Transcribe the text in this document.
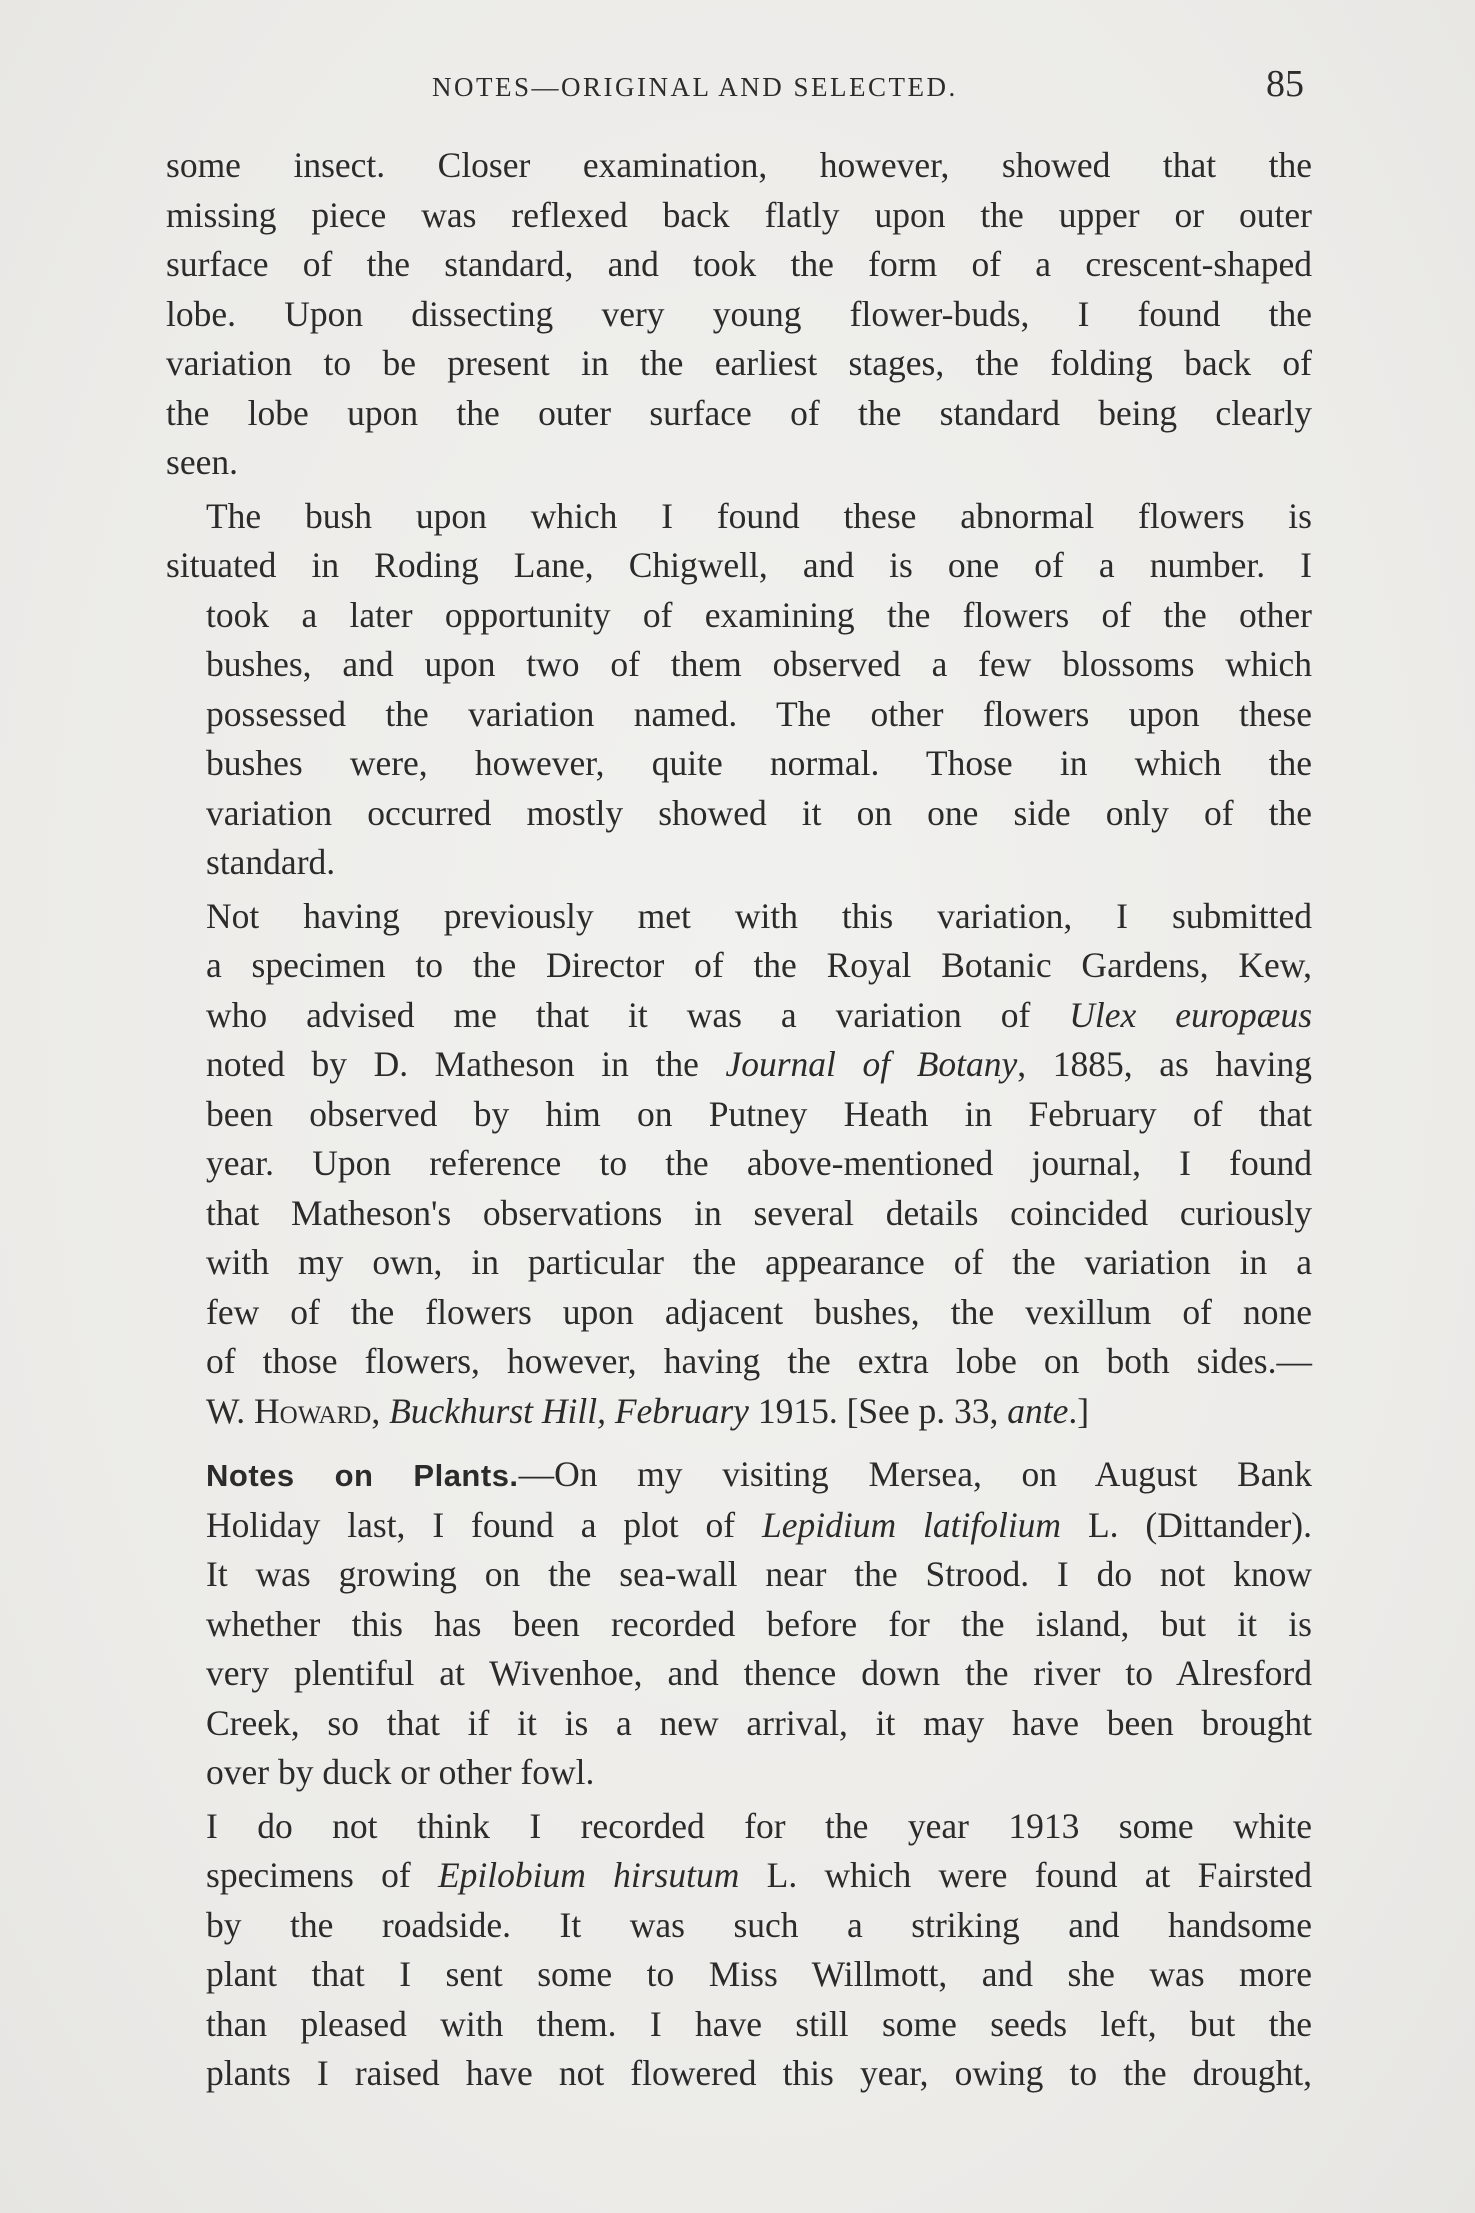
NOTES—ORIGINAL AND SELECTED.	85

some insect. Closer examination, however, showed that the
missing piece was reflexed back flatly upon the upper or outer
surface of the standard, and took the form of a crescent-shaped
lobe. Upon dissecting very young flower-buds, I found the
variation to be present in the earliest stages, the folding back of
the lobe upon the outer surface of the standard being clearly
seen.

The bush upon which I found these abnormal flowers is
situated in Roding Lane, Chigwell, and is one of a number. I
took a later opportunity of examining the flowers of the other
bushes, and upon two of them observed a few blossoms which
possessed the variation named. The other flowers upon these
bushes were, however, quite normal. Those in which the
variation occurred mostly showed it on one side only of the
standard.

Not having previously met with this variation, I submitted
a specimen to the Director of the Royal Botanic Gardens, Kew,
who advised me that it was a variation of Ulex europæus
noted by D. Matheson in the Journal of Botany, 1885, as having
been observed by him on Putney Heath in February of that
year. Upon reference to the above-mentioned journal, I found
that Matheson's observations in several details coincided curiously
with my own, in particular the appearance of the variation in a
few of the flowers upon adjacent bushes, the vexillum of none
of those flowers, however, having the extra lobe on both sides.—
W. Howard, Buckhurst Hill, February 1915. [See p. 33, ante.]

Notes on Plants.—On my visiting Mersea, on August Bank
Holiday last, I found a plot of Lepidium latifolium L. (Dittander).
It was growing on the sea-wall near the Strood. I do not know
whether this has been recorded before for the island, but it is
very plentiful at Wivenhoe, and thence down the river to Alresford
Creek, so that if it is a new arrival, it may have been brought
over by duck or other fowl.

I do not think I recorded for the year 1913 some white
specimens of Epilobium hirsutum L. which were found at Fairsted
by the roadside. It was such a striking and handsome
plant that I sent some to Miss Willmott, and she was more
than pleased with them. I have still some seeds left, but the
plants I raised have not flowered this year, owing to the drought,
